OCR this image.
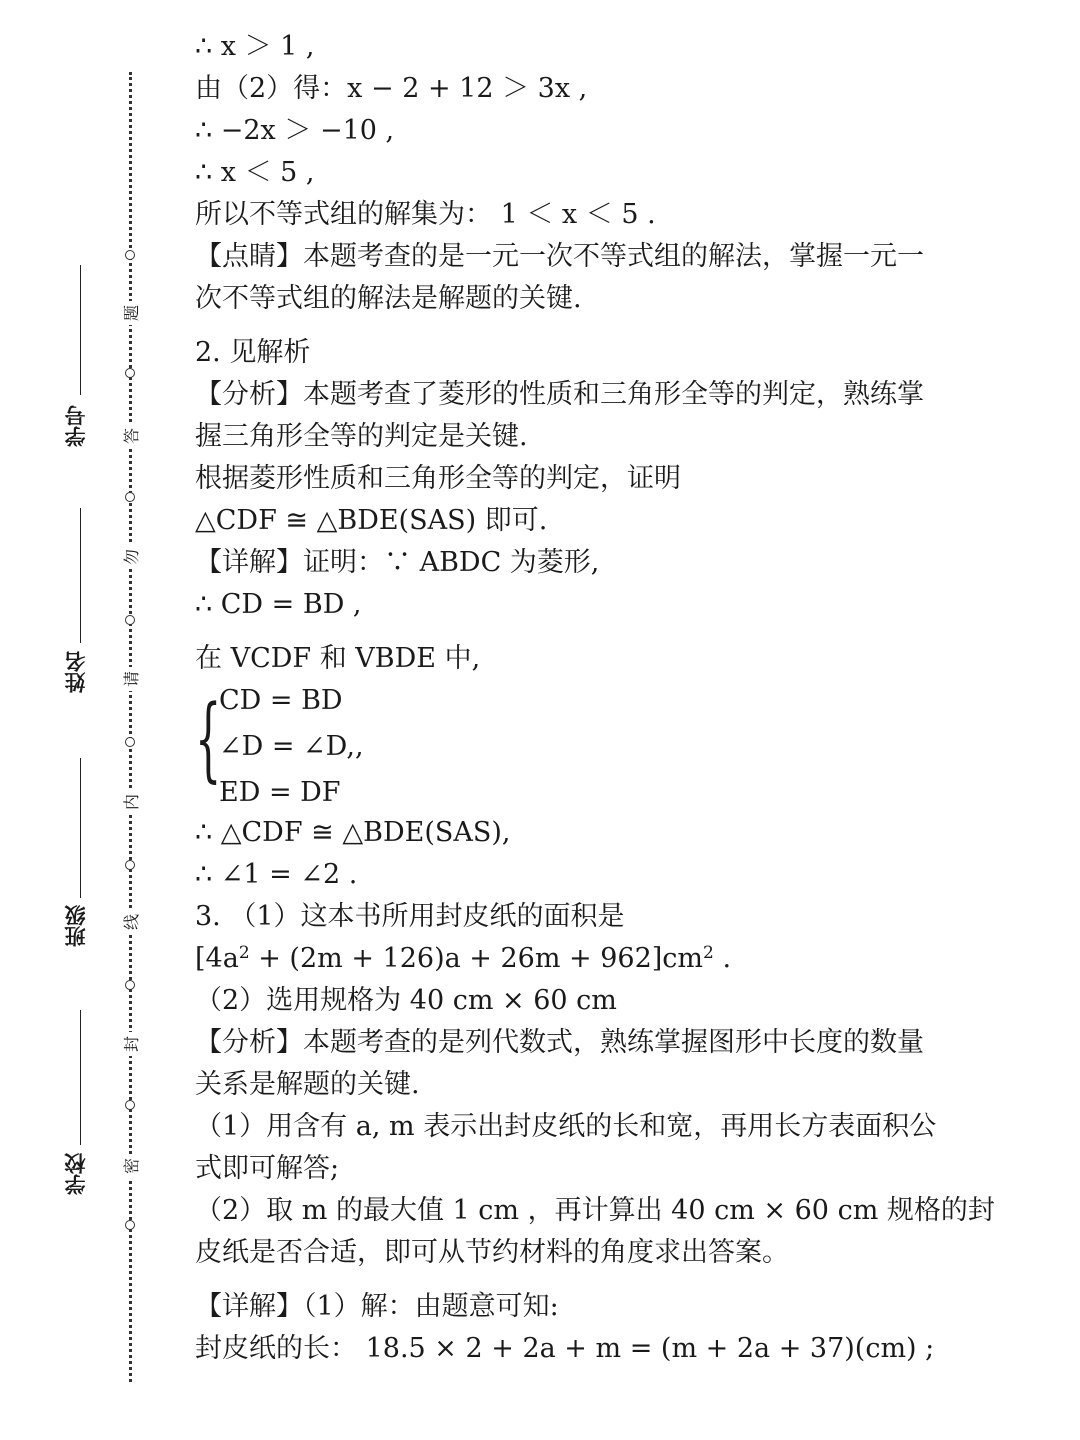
题
答
勿
请
内
线
封
密
学号
姓名
班级
学校
∴ x ＞ 1 ,
由（2）得：x − 2 + 12 ＞ 3x ,
∴ −2x ＞ −10 ,
∴ x ＜ 5 ,
所以不等式组的解集为： 1 ＜ x ＜ 5 .
【点睛】本题考查的是一元一次不等式组的解法，掌握一元一
次不等式组的解法是解题的关键.
2. 见解析
【分析】本题考查了菱形的性质和三角形全等的判定，熟练掌
握三角形全等的判定是关键.
根据菱形性质和三角形全等的判定，证明
△CDF ≅ △BDE(SAS) 即可.
【详解】证明：∵ ABDC 为菱形,
∴ CD = BD ,
在 VCDF 和 VBDE 中,
{
CD = BD
∠D = ∠D,,
ED = DF
∴ △CDF ≅ △BDE(SAS),
∴ ∠1 = ∠2 .
3. （1）这本书所用封皮纸的面积是
$[4a^2 + (2m + 126)a + 26m + 962]cm^2$ .
（2）选用规格为 40 cm × 60 cm
【分析】本题考查的是列代数式，熟练掌握图形中长度的数量
关系是解题的关键.
（1）用含有 a, m 表示出封皮纸的长和宽，再用长方表面积公
式即可解答;
（2）取 m 的最大值 1 cm ，再计算出 40 cm × 60 cm 规格的封
皮纸是否合适，即可从节约材料的角度求出答案。
【详解】（1）解：由题意可知:
封皮纸的长： 18.5 × 2 + 2a + m = (m + 2a + 37)(cm) ;
